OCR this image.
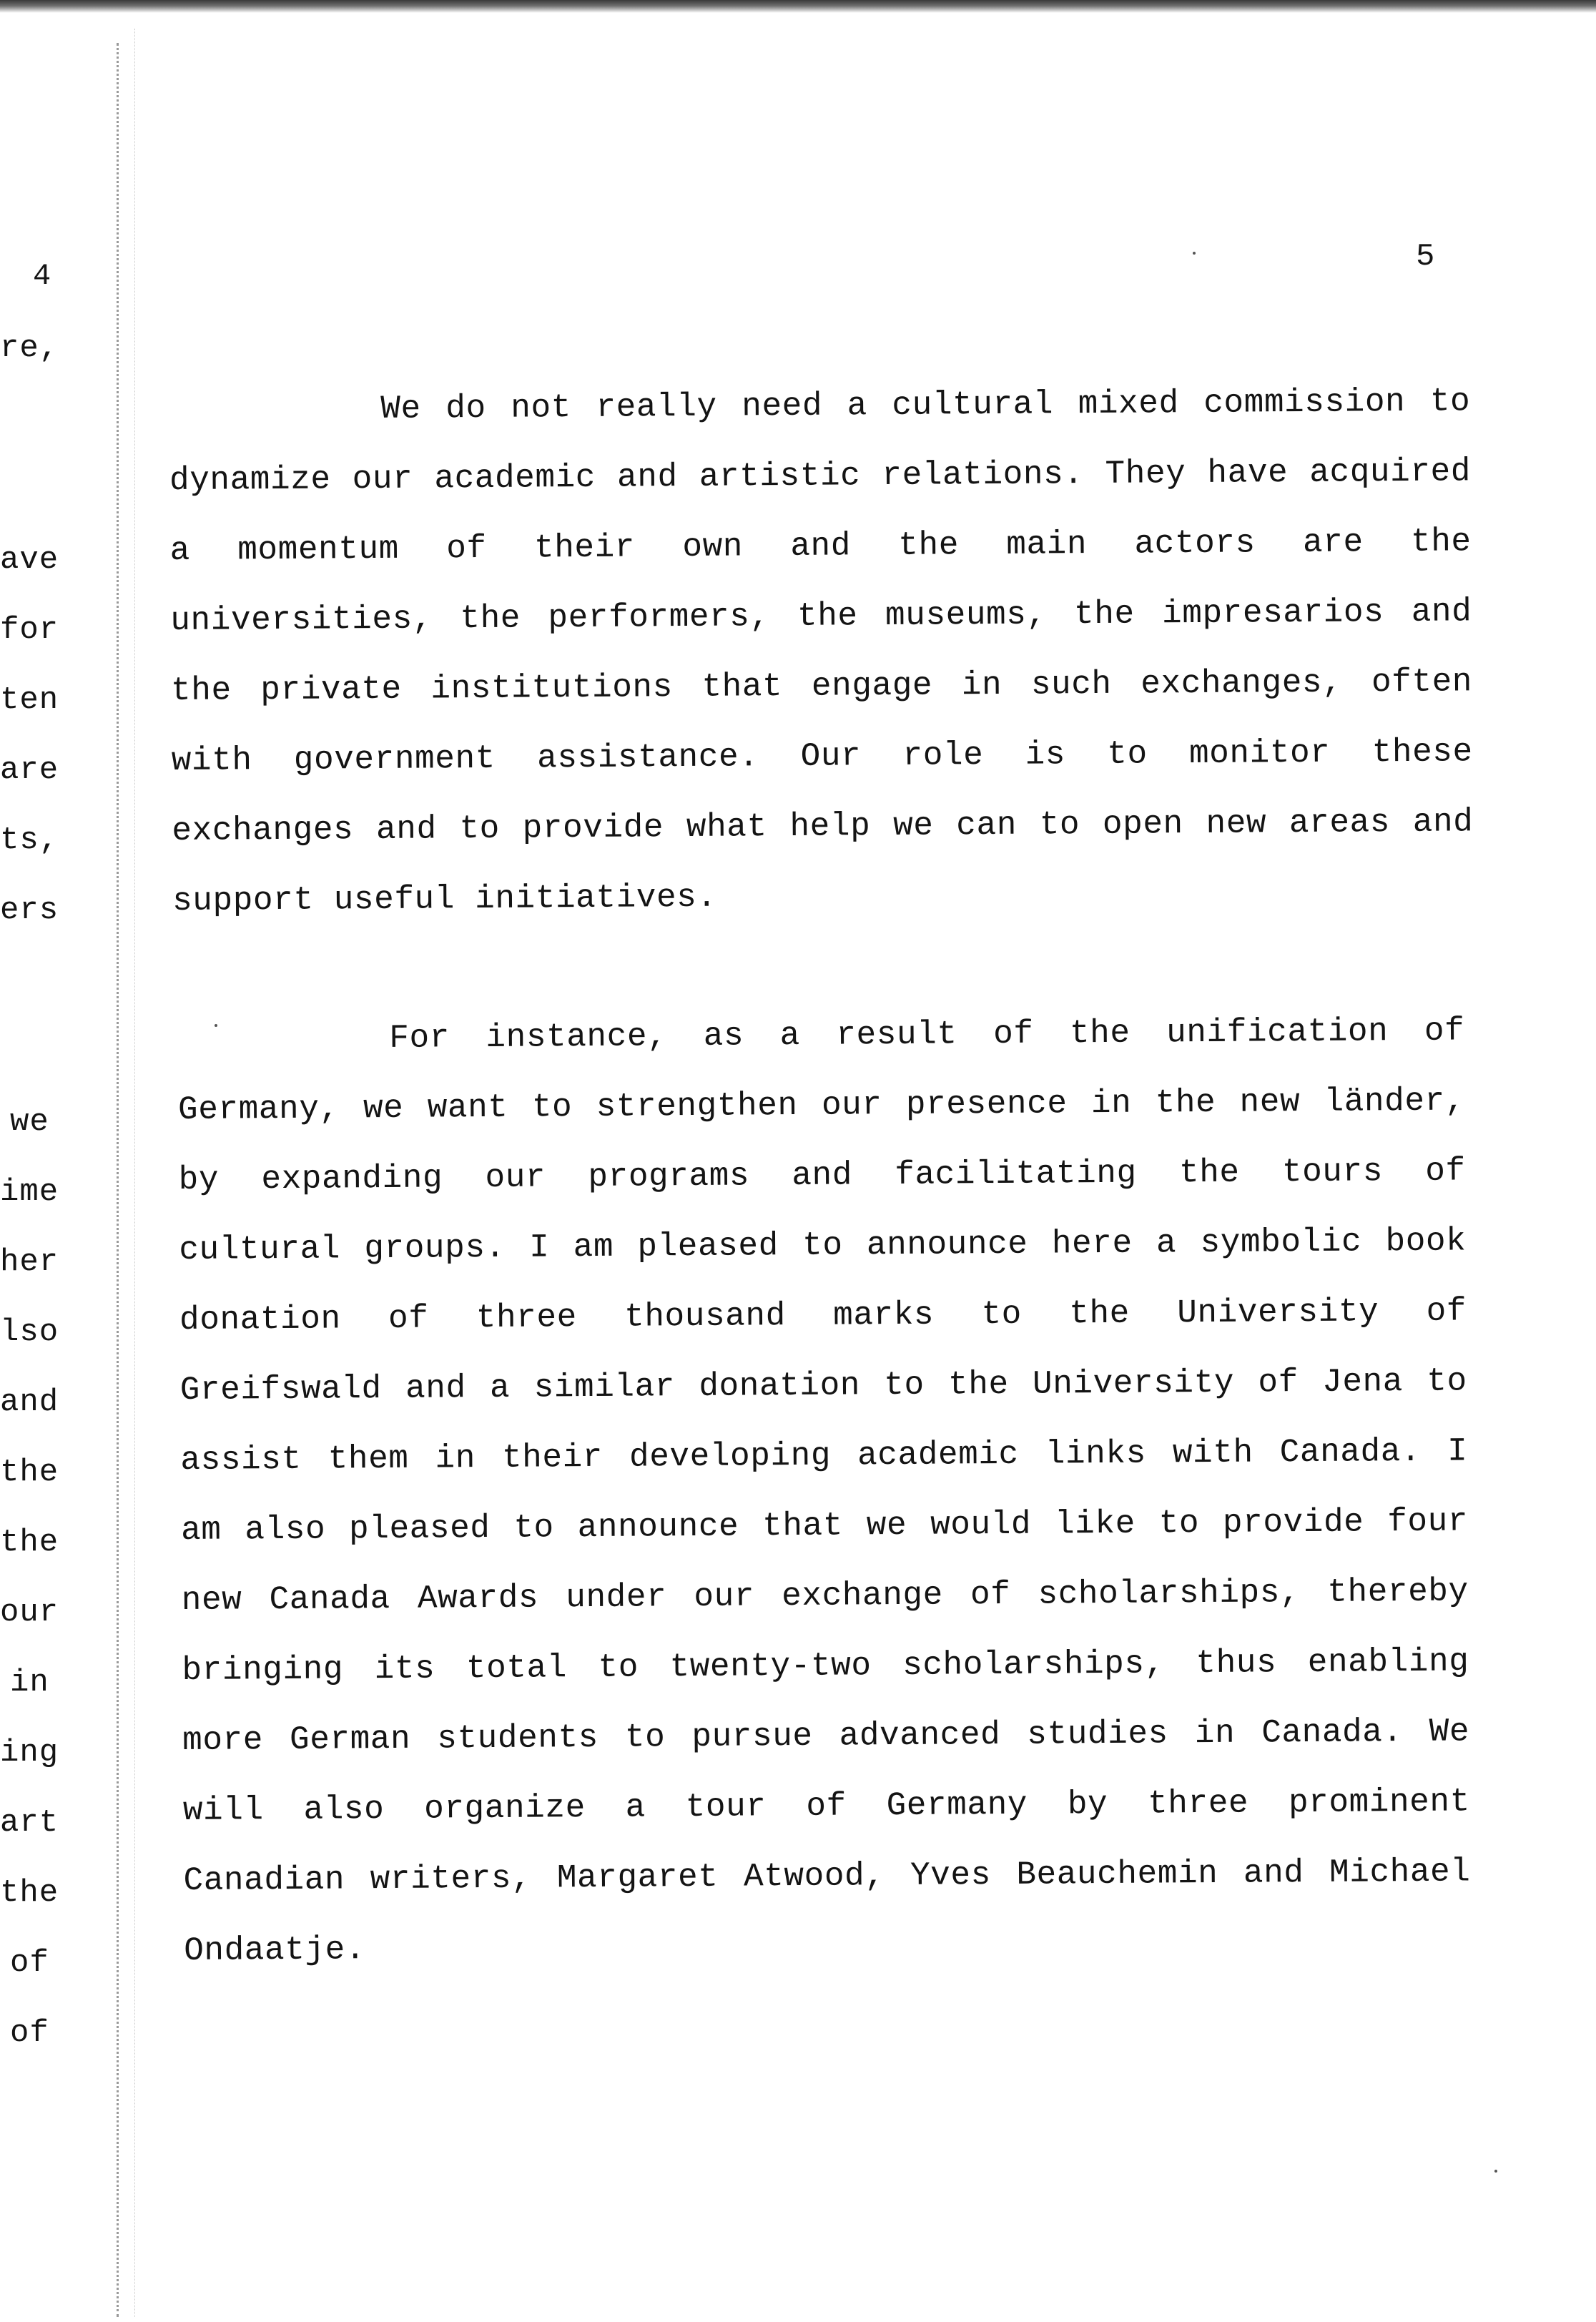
4
re,
ave
for
ten
are
ts,
ers
we
ime
her
lso
and
the
the
our
in
ing
art
the
of
of
5

We do not really need a cultural mixed commission to dynamize our academic and artistic relations. They have acquired a momentum of their own and the main actors are the universities, the performers, the museums, the impresarios and the private institutions that engage in such exchanges, often with government assistance. Our role is to monitor these exchanges and to provide what help we can to open new areas and support useful initiatives.

For instance, as a result of the unification of Germany, we want to strengthen our presence in the new länder, by expanding our programs and facilitating the tours of cultural groups. I am pleased to announce here a symbolic book donation of three thousand marks to the University of Greifswald and a similar donation to the University of Jena to assist them in their developing academic links with Canada. I am also pleased to announce that we would like to provide four new Canada Awards under our exchange of scholarships, thereby bringing its total to twenty-two scholarships, thus enabling more German students to pursue advanced studies in Canada. We will also organize a tour of Germany by three prominent Canadian writers, Margaret Atwood, Yves Beauchemin and Michael Ondaatje.
